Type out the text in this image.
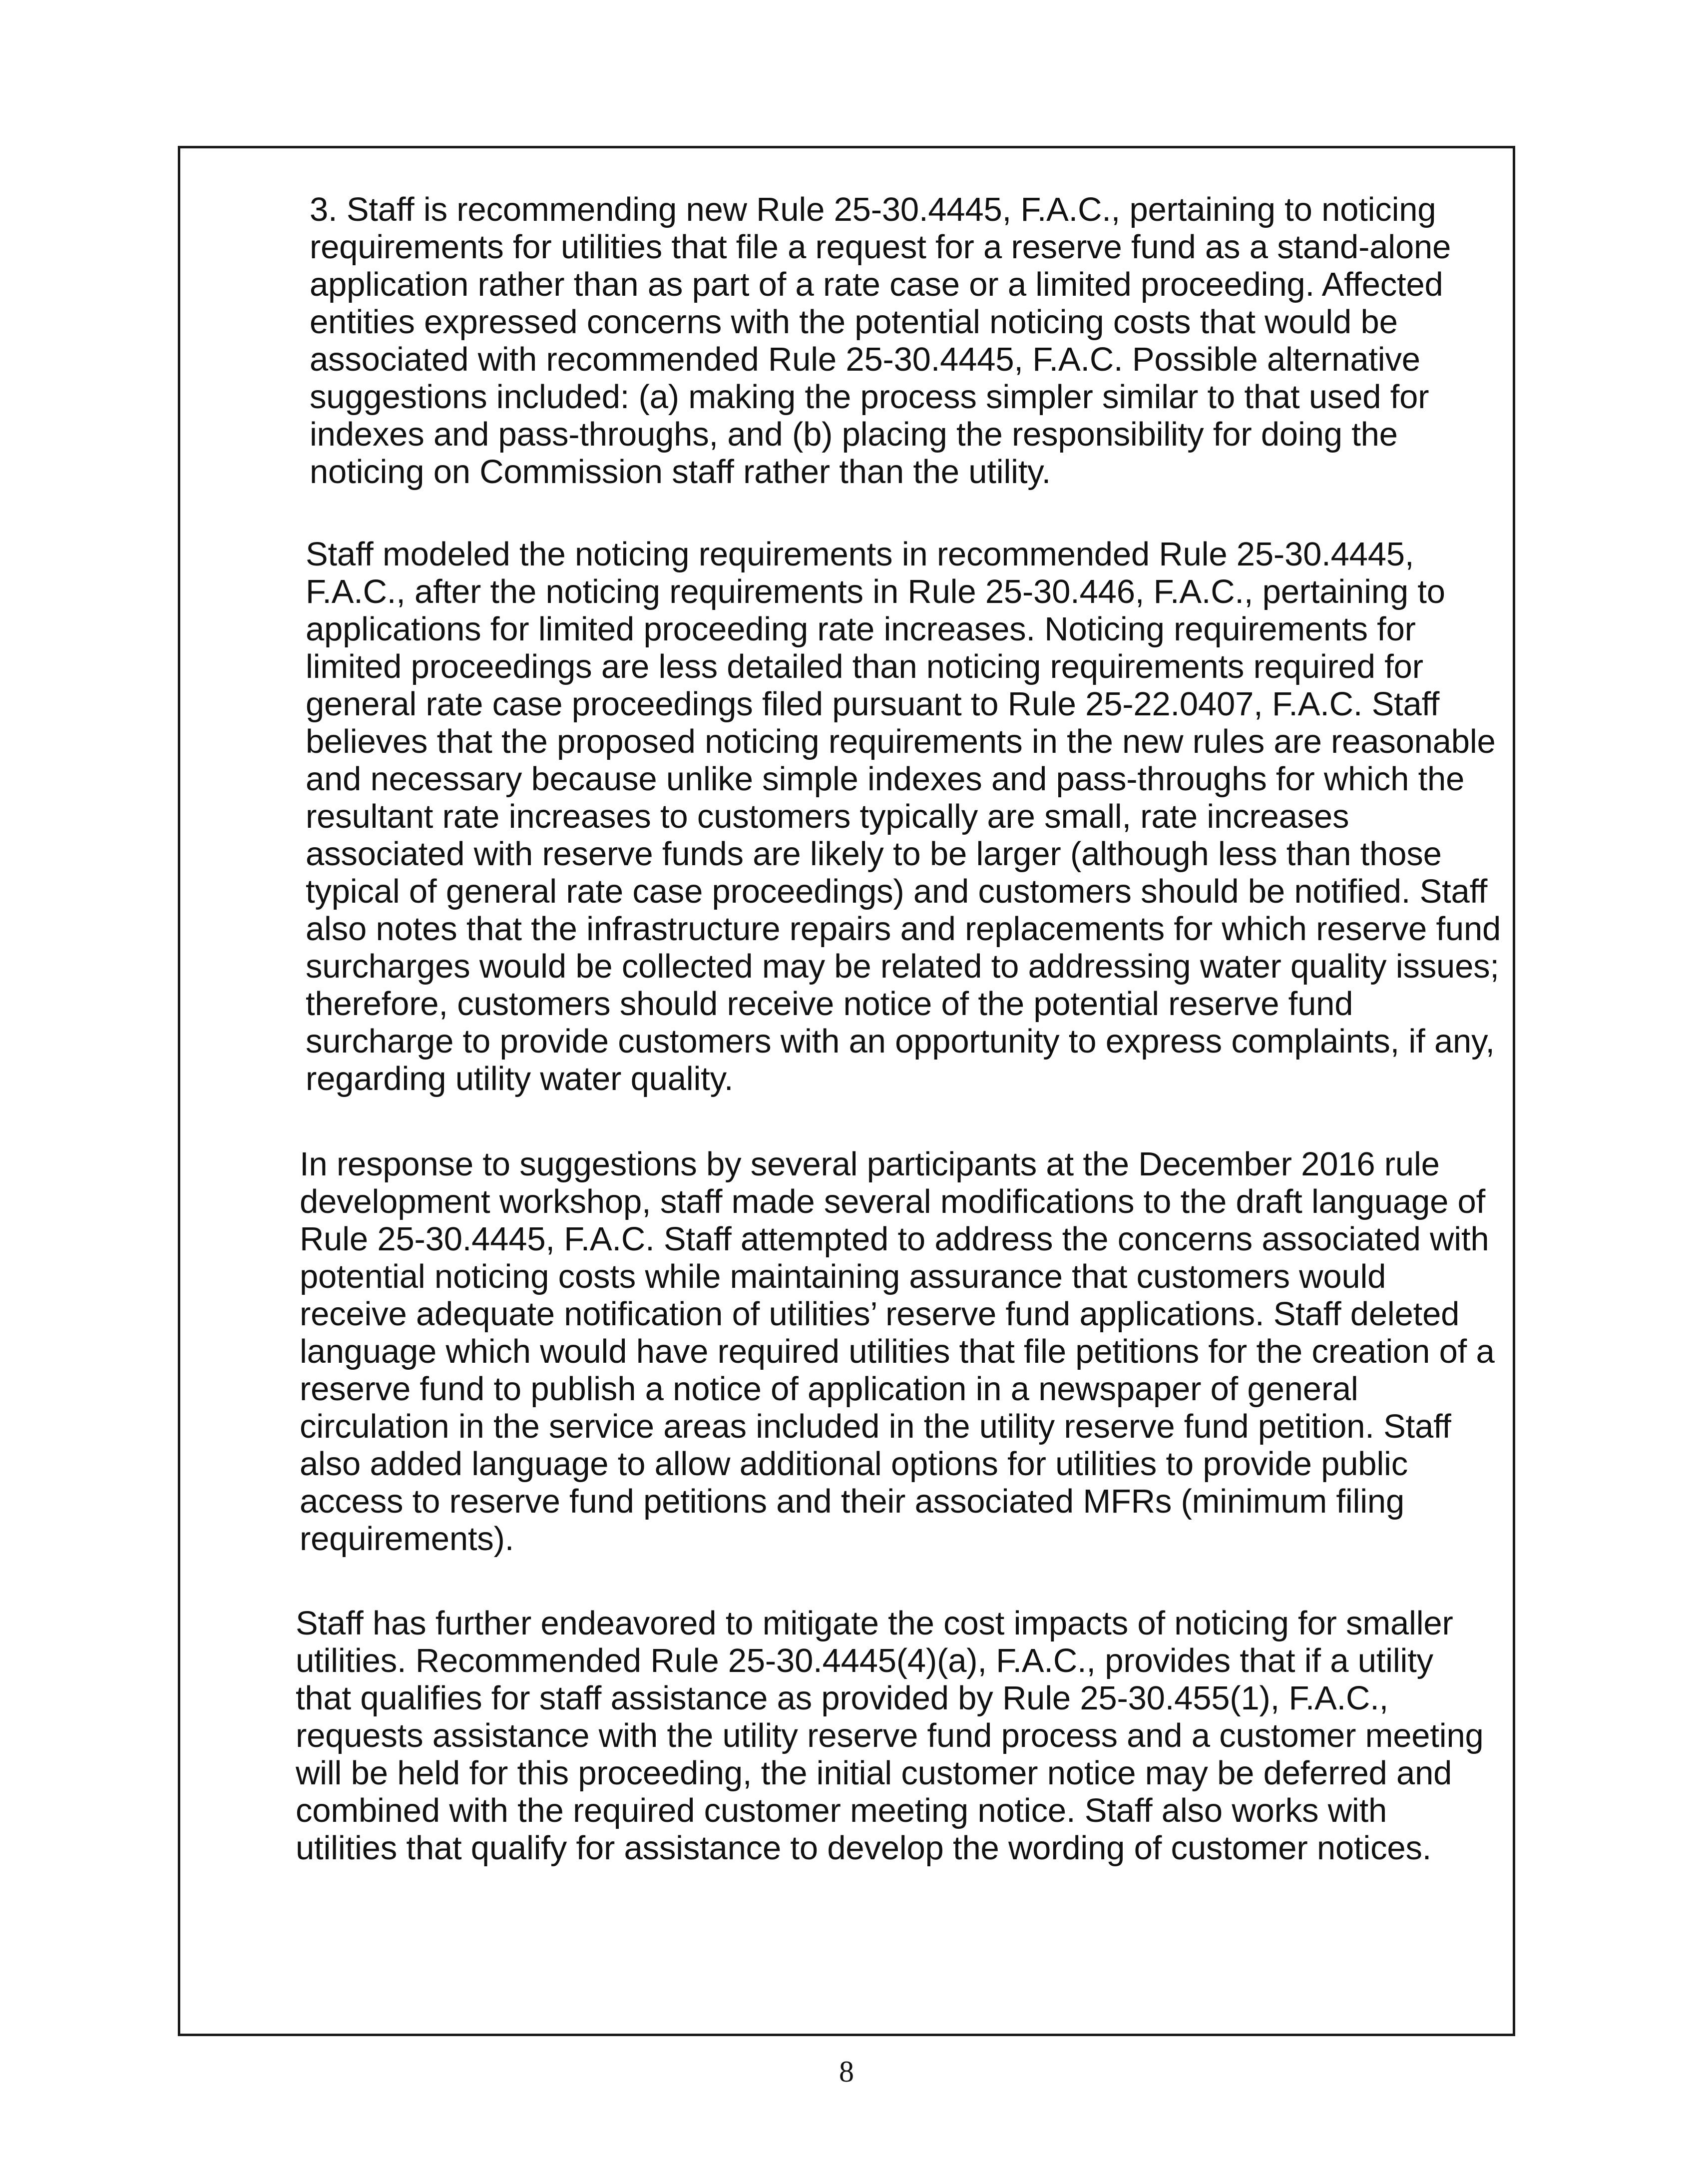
3. Staff is recommending new Rule 25-30.4445, F.A.C., pertaining to noticing
requirements for utilities that file a request for a reserve fund as a stand-alone
application rather than as part of a rate case or a limited proceeding. Affected
entities expressed concerns with the potential noticing costs that would be
associated with recommended Rule 25-30.4445, F.A.C. Possible alternative
suggestions included: (a) making the process simpler similar to that used for
indexes and pass-throughs, and (b) placing the responsibility for doing the
noticing on Commission staff rather than the utility.

Staff modeled the noticing requirements in recommended Rule 25-30.4445,
F.A.C., after the noticing requirements in Rule 25-30.446, F.A.C., pertaining to
applications for limited proceeding rate increases. Noticing requirements for
limited proceedings are less detailed than noticing requirements required for
general rate case proceedings filed pursuant to Rule 25-22.0407, F.A.C. Staff
believes that the proposed noticing requirements in the new rules are reasonable
and necessary because unlike simple indexes and pass-throughs for which the
resultant rate increases to customers typically are small, rate increases
associated with reserve funds are likely to be larger (although less than those
typical of general rate case proceedings) and customers should be notified. Staff
also notes that the infrastructure repairs and replacements for which reserve fund
surcharges would be collected may be related to addressing water quality issues;
therefore, customers should receive notice of the potential reserve fund
surcharge to provide customers with an opportunity to express complaints, if any,
regarding utility water quality.

In response to suggestions by several participants at the December 2016 rule
development workshop, staff made several modifications to the draft language of
Rule 25-30.4445, F.A.C. Staff attempted to address the concerns associated with
potential noticing costs while maintaining assurance that customers would
receive adequate notification of utilities’ reserve fund applications. Staff deleted
language which would have required utilities that file petitions for the creation of a
reserve fund to publish a notice of application in a newspaper of general
circulation in the service areas included in the utility reserve fund petition. Staff
also added language to allow additional options for utilities to provide public
access to reserve fund petitions and their associated MFRs (minimum filing
requirements).

Staff has further endeavored to mitigate the cost impacts of noticing for smaller
utilities. Recommended Rule 25-30.4445(4)(a), F.A.C., provides that if a utility
that qualifies for staff assistance as provided by Rule 25-30.455(1), F.A.C.,
requests assistance with the utility reserve fund process and a customer meeting
will be held for this proceeding, the initial customer notice may be deferred and
combined with the required customer meeting notice. Staff also works with
utilities that qualify for assistance to develop the wording of customer notices.

8
